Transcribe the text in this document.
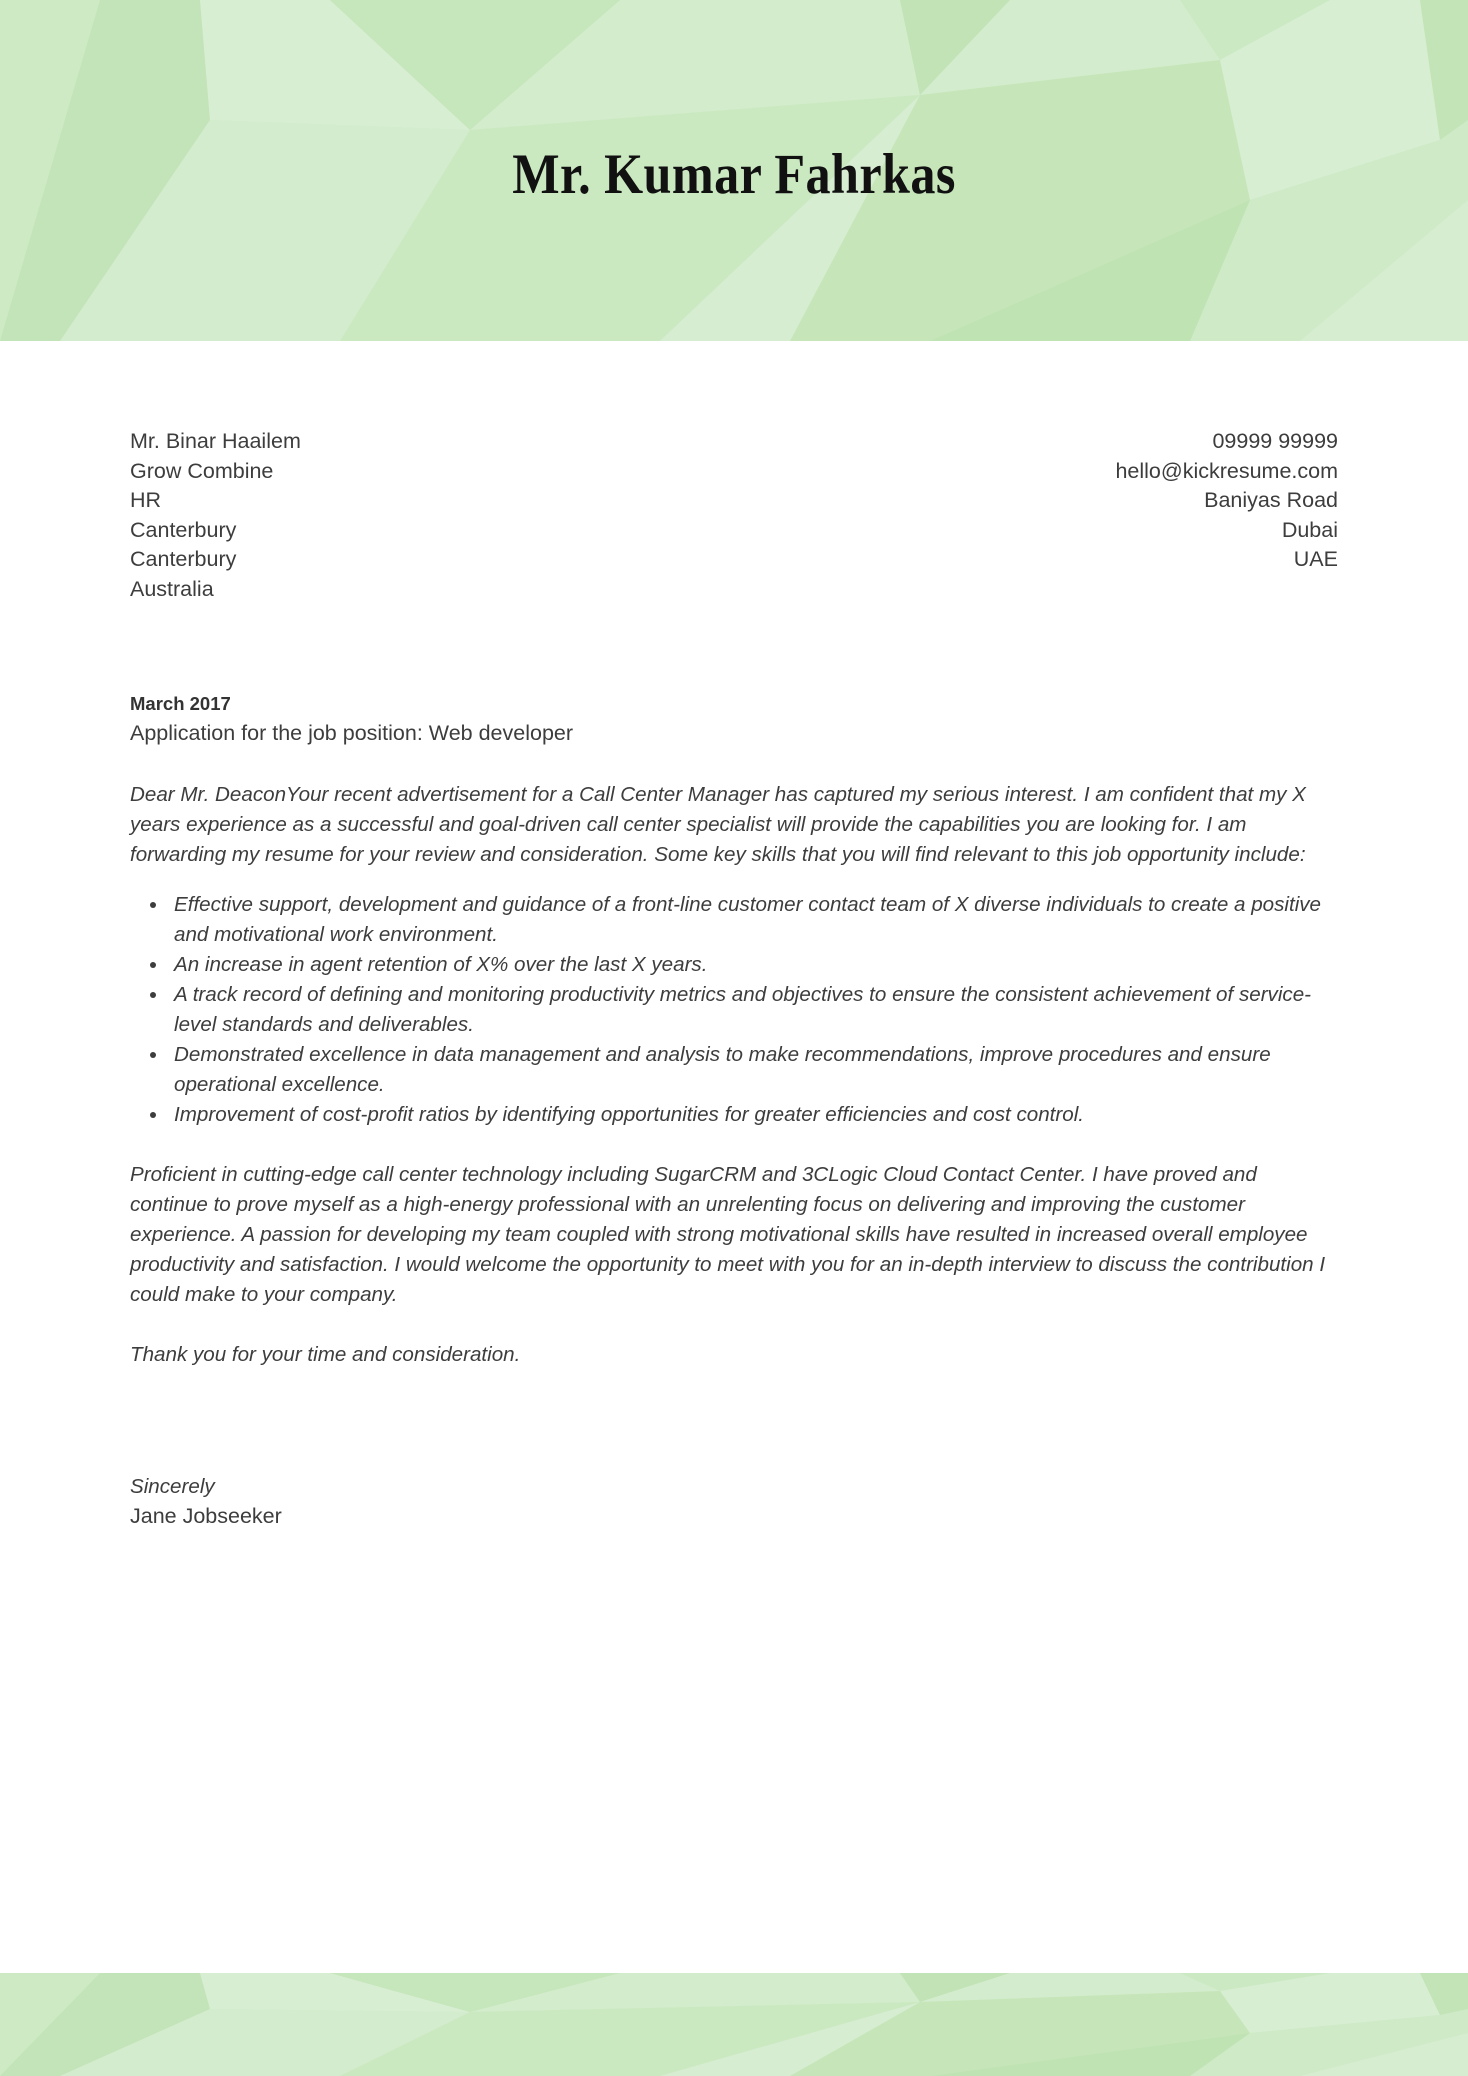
Mr. Kumar Fahrkas
Mr. Binar Haailem
Grow Combine
HR
Canterbury
Canterbury
Australia
09999 99999
hello@kickresume.com
Baniyas Road
Dubai
UAE
March 2017
Application for the job position: Web developer

Dear Mr. DeaconYour recent advertisement for a Call Center Manager has captured my serious interest. I am confident that my X years experience as a successful and goal-driven call center specialist will provide the capabilities you are looking for. I am forwarding my resume for your review and consideration. Some key skills that you will find relevant to this job opportunity include:

Effective support, development and guidance of a front-line customer contact team of X diverse individuals to create a positive and motivational work environment.
An increase in agent retention of X% over the last X years.
A track record of defining and monitoring productivity metrics and objectives to ensure the consistent achievement of service-level standards and deliverables.
Demonstrated excellence in data management and analysis to make recommendations, improve procedures and ensure operational excellence.
Improvement of cost-profit ratios by identifying opportunities for greater efficiencies and cost control.

Proficient in cutting-edge call center technology including SugarCRM and 3CLogic Cloud Contact Center. I have proved and continue to prove myself as a high-energy professional with an unrelenting focus on delivering and improving the customer experience. A passion for developing my team coupled with strong motivational skills have resulted in increased overall employee productivity and satisfaction. I would welcome the opportunity to meet with you for an in-depth interview to discuss the contribution I could make to your company.

Thank you for your time and consideration.

Sincerely
Jane Jobseeker
